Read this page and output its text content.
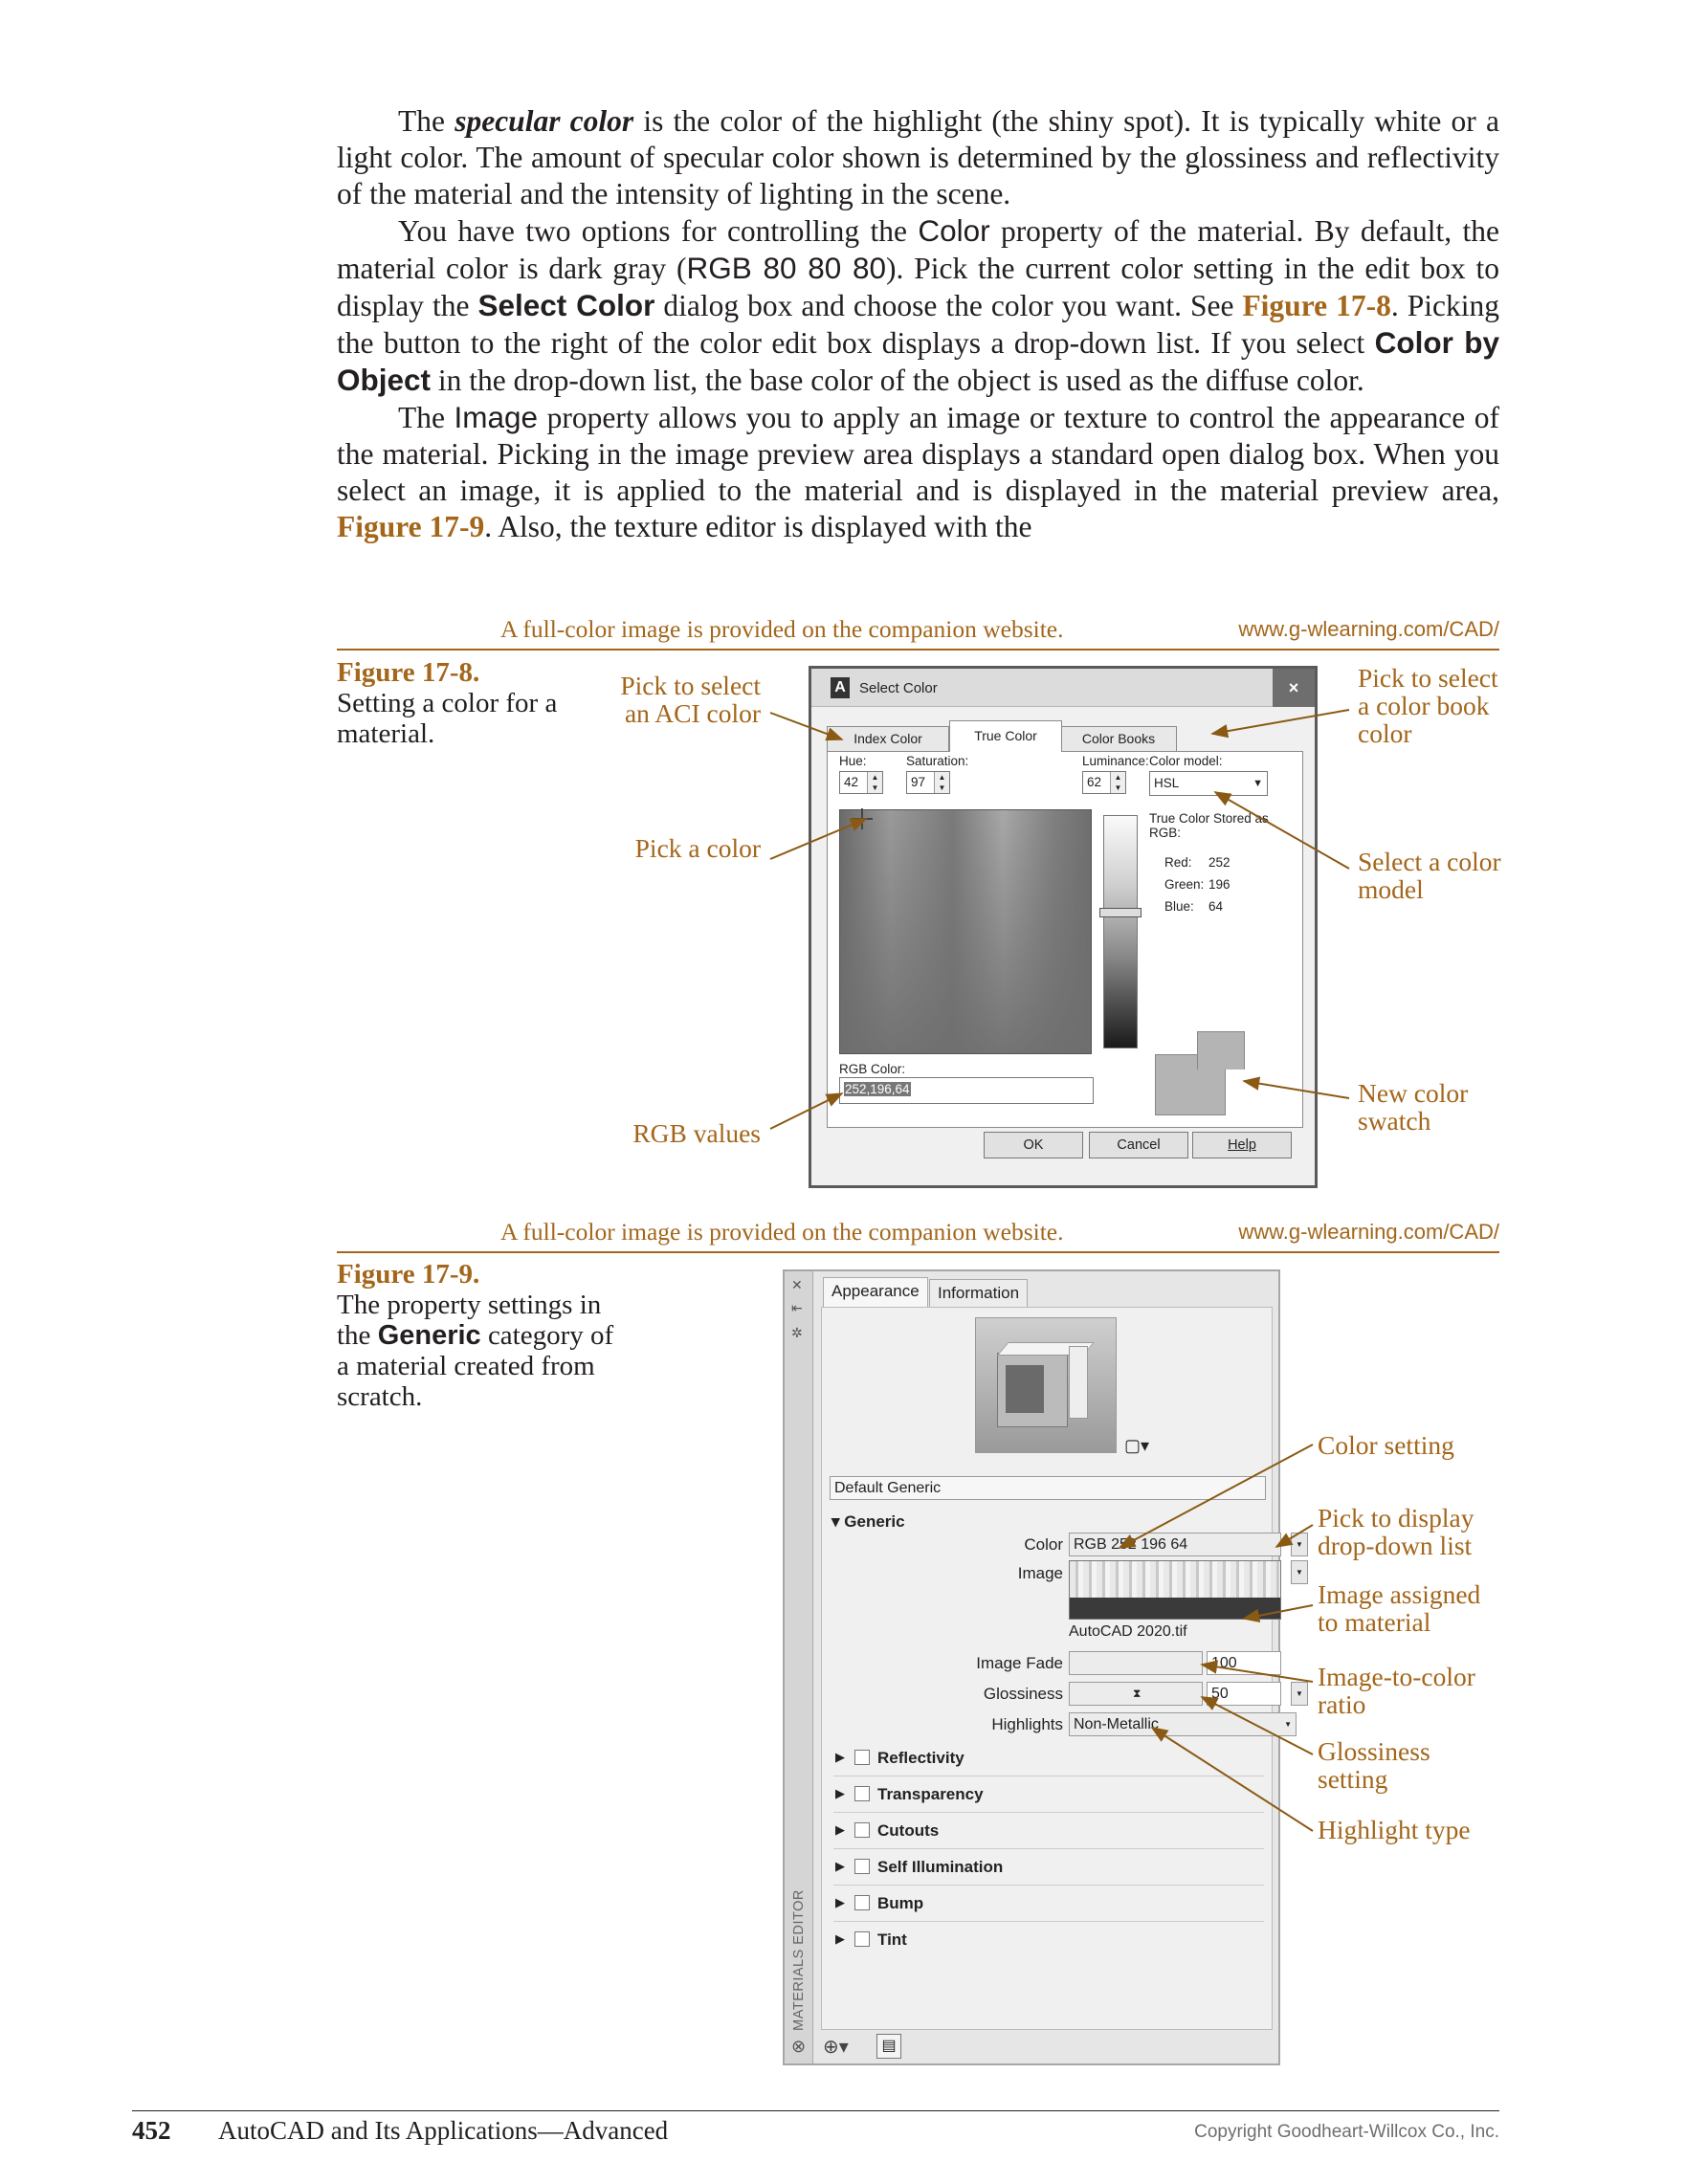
The specular color is the color of the highlight (the shiny spot). It is typically white or a light color. The amount of specular color shown is determined by the glossiness and reflectivity of the material and the intensity of lighting in the scene.

You have two options for controlling the Color property of the material. By default, the material color is dark gray (RGB 80 80 80). Pick the current color setting in the edit box to display the Select Color dialog box and choose the color you want. See Figure 17-8. Picking the button to the right of the color edit box displays a drop-down list. If you select Color by Object in the drop-down list, the base color of the object is used as the diffuse color.

The Image property allows you to apply an image or texture to control the appearance of the material. Picking in the image preview area displays a standard open dialog box. When you select an image, it is applied to the material and is displayed in the material preview area, Figure 17-9. Also, the texture editor is displayed with the

A full-color image is provided on the companion website.	www.g-wlearning.com/CAD/
Figure 17-8.
Setting a color for a material.
Pick to select an ACI color
Pick a color
RGB values
Pick to select a color book color
Select a color model
New color swatch
A Select Color	×
Index Color	Color Books
Hue:
42	▲
▼
Saturation:
97	▲
▼
Luminance:
62	▲
▼
Color model:
HSL	▼
True Color Stored as RGB:
Red: 252
Green: 196
Blue: 64
RGB Color:
252,196,64
True Color
OK	Cancel	Help
A full-color image is provided on the companion website.	www.g-wlearning.com/CAD/
Figure 17-9.
The property settings in the Generic category of a material created from scratch.
Color setting
Pick to display drop-down list
Image assigned to material
Image-to-color ratio
Glossiness setting
Highlight type
✕
⇤
✲
MATERIALS EDITOR
⊗
Appearance	Information
▢▾
Default Generic
▾ Generic
Color RGB 252 196 64	▼
Image	▼
AutoCAD 2020.tif
Image Fade	100
Glossiness	⧗	50	▼
Highlights Non-Metallic	▼
▶ Reflectivity
▶ Transparency
▶ Cutouts
▶ Self Illumination
▶ Bump
▶ Tint
⊕▾	▤
452 AutoCAD and Its Applications—Advanced	Copyright Goodheart-Willcox Co., Inc.
